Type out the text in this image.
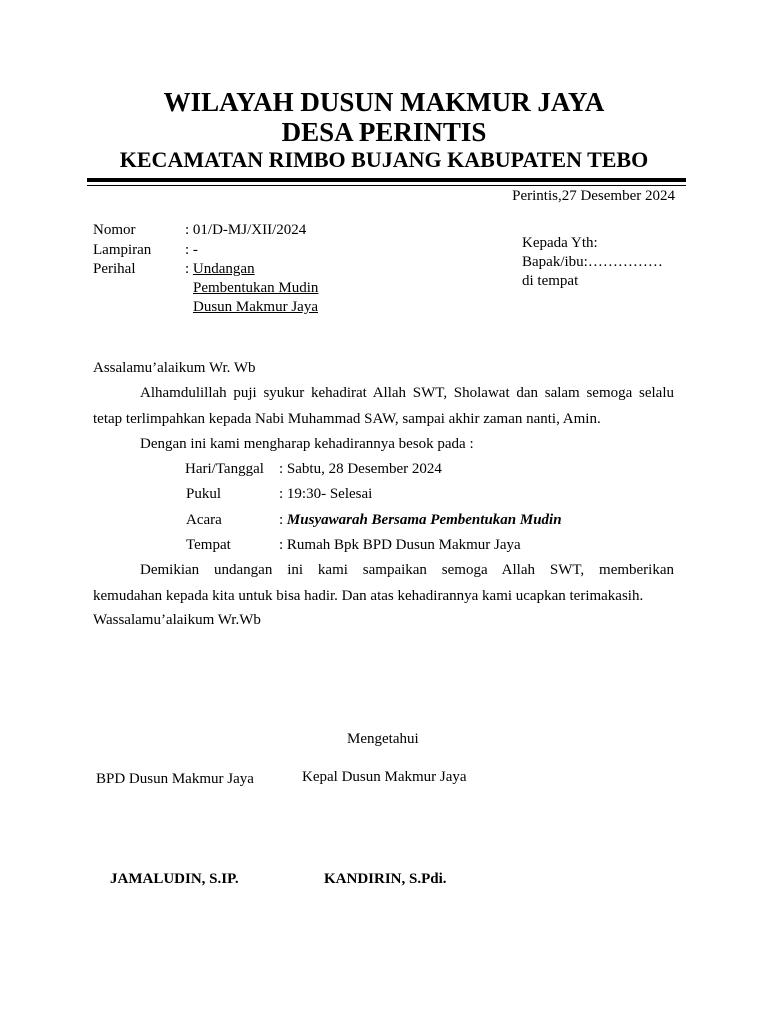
WILAYAH DUSUN MAKMUR JAYA
DESA PERINTIS
KECAMATAN RIMBO BUJANG KABUPATEN TEBO
Perintis,27 Desember 2024
Nomor	: 01/D-MJ/XII/2024
Lampiran : -
Perihal	: Undangan
Pembentukan Mudin
Dusun Makmur Jaya
Kepada Yth:
Bapak/ibu:……………
di tempat
Assalamu’alaikum Wr. Wb
Alhamdulillah puji syukur kehadirat Allah SWT, Sholawat dan salam semoga selalu
tetap terlimpahkan kepada Nabi Muhammad SAW, sampai akhir zaman nanti, Amin.
Dengan ini kami mengharap kehadirannya besok pada :
Hari/Tanggal : Sabtu, 28 Desember 2024
Pukul	: 19:30- Selesai
Acara	: Musyawarah Bersama Pembentukan Mudin
Tempat	: Rumah Bpk BPD Dusun Makmur Jaya
Demikian undangan ini kami sampaikan semoga Allah SWT, memberikan
kemudahan kepada kita untuk bisa hadir. Dan atas kehadirannya kami ucapkan terimakasih.
Wassalamu’alaikum Wr.Wb
Mengetahui
BPD Dusun Makmur Jaya	Kepal Dusun Makmur Jaya
JAMALUDIN, S.IP.	KANDIRIN, S.Pdi.
